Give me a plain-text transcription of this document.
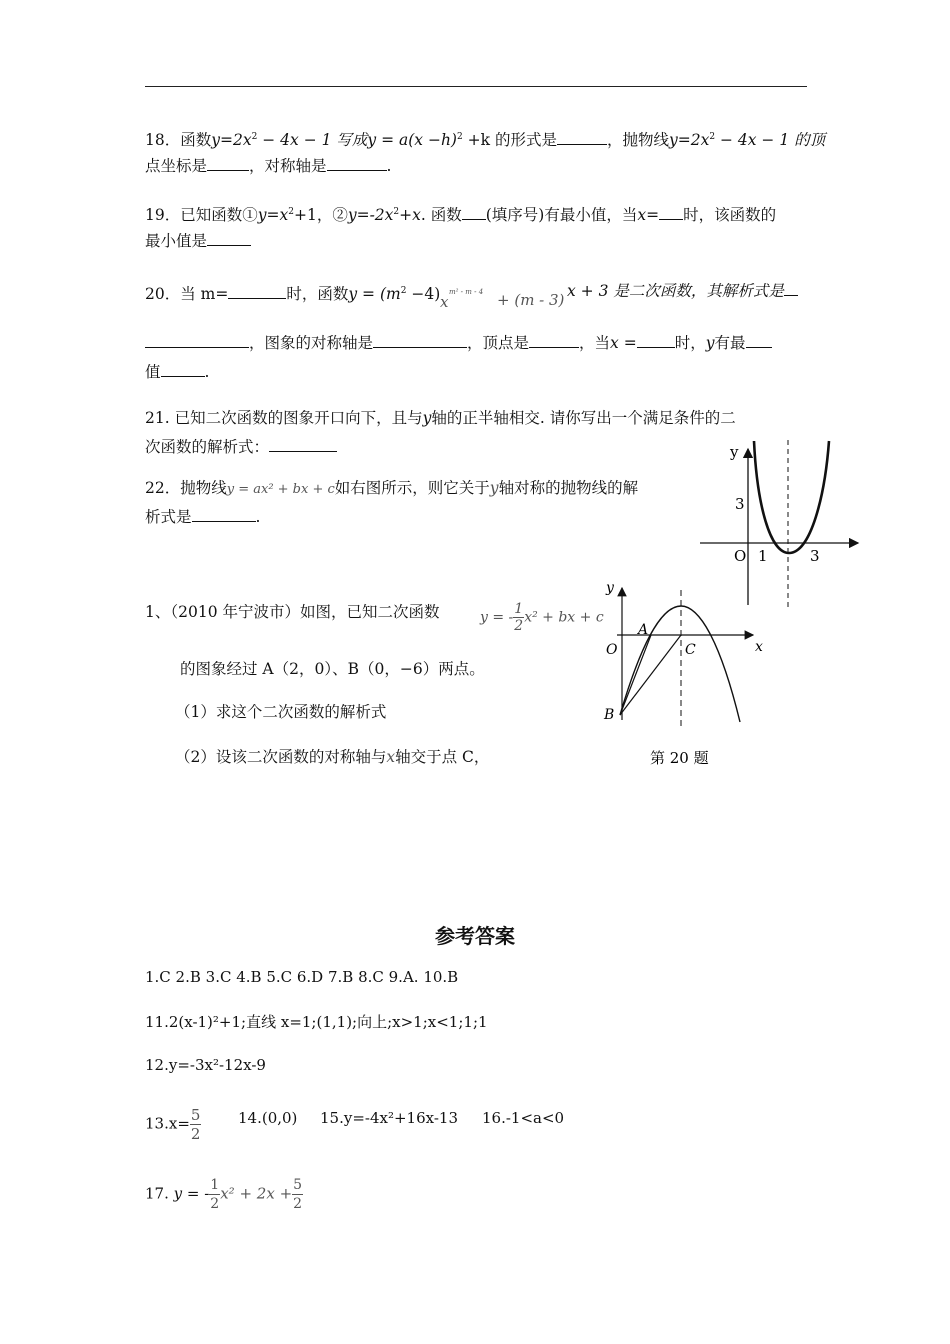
18．函数$y=2x^2 - 4x - 1$ 写成$y = a(x -h)^2 +k$ 的形式是	，抛物线$y=2x^2 - 4x - 1$ 的顶
点坐标是	，对称轴是	.
19．已知函数$①y=x^2+1$，$②y=-2x^2+x$. 函数 (填序号)有最小值，当x= 时，该函数的
最小值是
20．当 m=	时，函数$y = (m^2 -4)$ x
m² - m - 4 + (m - 3) x + 3 是二次函数，其解析式是
，图象的对称轴是	，顶点是	，当x = 时，y有最
值	.
21. 已知二次函数的图象开口向下，且与y轴的正半轴相交. 请你写出一个满足条件的二
次函数的解析式：
22．抛物线y = ax² + bx + c如右图所示，则它关于y轴对称的抛物线的解
析式是	.
y
3
O 1	3
1、（2010 年宁波市）如图，已知二次函数	y = - $\frac{1}{2} x^2$ + bx + c
的图象经过 A（2，0）、B（0，−6）两点。
（1）求这个二次函数的解析式
（2）设该二次函数的对称轴与x轴交于点 C，
y
x
O
A
C
B
第 20 题
参考答案
1.C 2.B 3.C 4.B 5.C 6.D 7.B 8.C 9.A. 10.B
11.2(x-1)²+1;直线 x=1;(1,1);向上;x>1;x<1;1;1
12.y=-3x²-12x-9
$13.x= \frac{5}{2} 14.(0,0)$ 15.y=-4x²+16x-13 16.-1<a<0
17. y = - $\frac{1}{2} x^2 + 2x + \frac{5}{2}$
